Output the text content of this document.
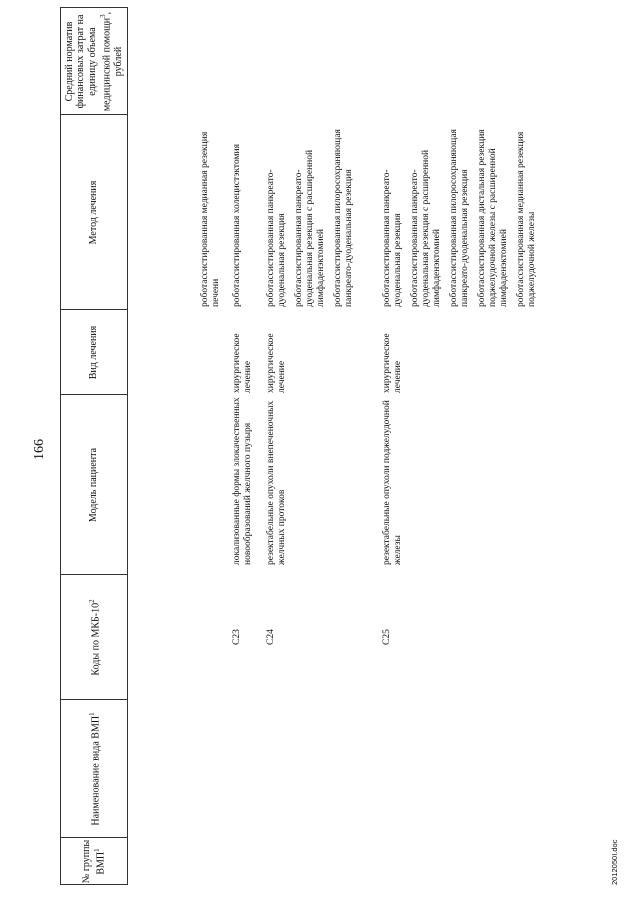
166
№ группы ВМП$^1$
Наименование вида ВМП$^1$
Коды по МКБ-$10^2$
Модель пациента
Вид лечения
Метод лечения
Средний норматив финансовых затрат на единицу объема медицинской помощи$^3$, рублей
роботассистированная медианная резекция печени
C23
локализованные формы злокачественных новообразований желчного пузыря
хирургическое лечение
роботассистированная холецистэктомия
C24
резектабельные опухоли внепеченочных желчных протоков
хирургическое лечение
роботассистированная панкреато-дуоденальная резекция роботассистированная панкреато-дуоденальная резекция с расширенной лимфаденэктомией роботассистированная пилоросохраняющая панкреато-дуоденальная резекция
C25
резектабельные опухоли поджелудочной железы
хирургическое лечение
роботассистированная панкреато-дуоденальная резекция роботассистированная панкреато-дуоденальная резекция с расширенной лимфаденэктомией роботассистированная пилоросохраняющая панкреато-дуоденальная резекция роботассистированная дистальная резекция поджелудочной железы с расширенной лимфаденэктомией роботассистированная медианная резекция поджелудочной железы
2012050I.doc
